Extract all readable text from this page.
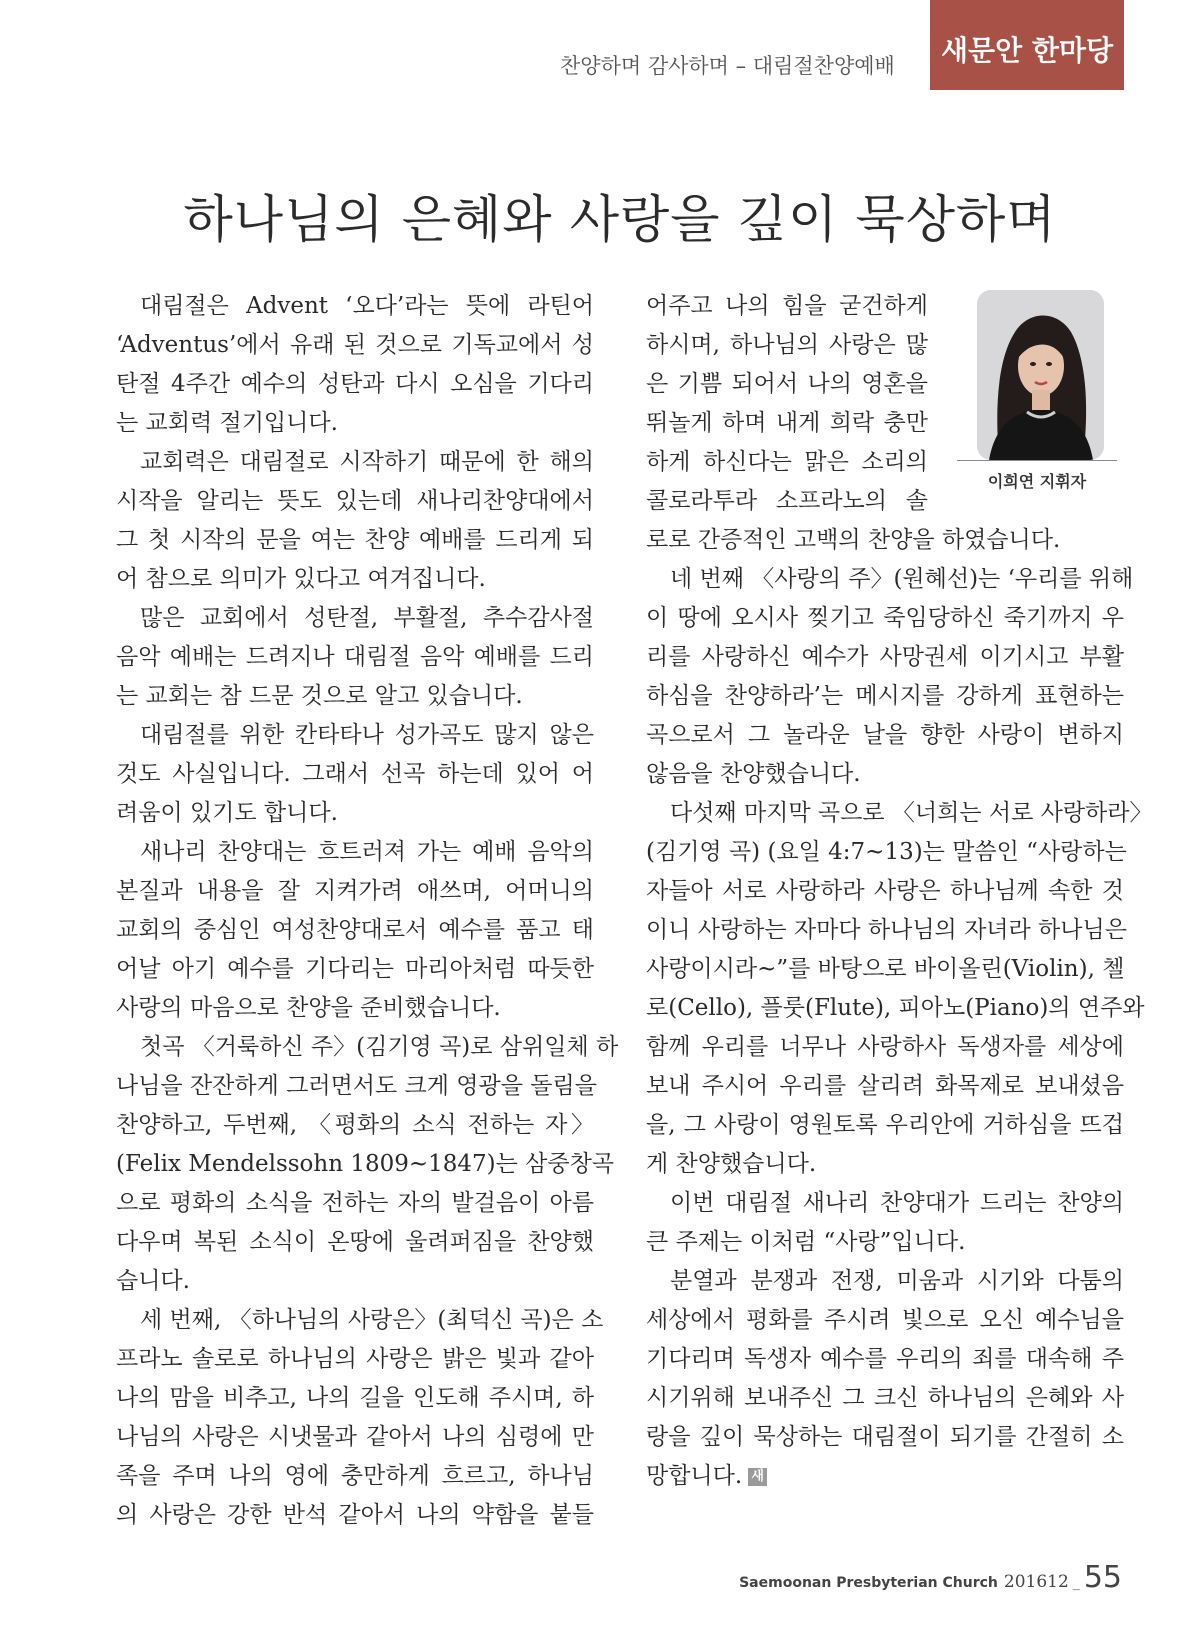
찬양하며 감사하며 – 대림절찬양예배	새문안 한마당
하나님의 은혜와 사랑을 깊이 묵상하며

대림절은 Advent ‘오다’라는 뜻에 라틴어
‘Adventus’에서 유래 된 것으로 기독교에서 성
탄절 4주간 예수의 성탄과 다시 오심을 기다리
는 교회력 절기입니다.

교회력은 대림절로 시작하기 때문에 한 해의
시작을 알리는 뜻도 있는데 새나리찬양대에서
그 첫 시작의 문을 여는 찬양 예배를 드리게 되
어 참으로 의미가 있다고 여겨집니다.

많은 교회에서 성탄절, 부활절, 추수감사절
음악 예배는 드려지나 대림절 음악 예배를 드리
는 교회는 참 드문 것으로 알고 있습니다.

대림절를 위한 칸타타나 성가곡도 많지 않은
것도 사실입니다. 그래서 선곡 하는데 있어 어
려움이 있기도 합니다.

새나리 찬양대는 흐트러져 가는 예배 음악의
본질과 내용을 잘 지켜가려 애쓰며, 어머니의
교회의 중심인 여성찬양대로서 예수를 품고 태
어날 아기 예수를 기다리는 마리아처럼 따듯한
사랑의 마음으로 찬양을 준비했습니다.

첫곡 〈거룩하신 주〉(김기영 곡)로 삼위일체 하
나님을 잔잔하게 그러면서도 크게 영광을 돌림을
찬양하고, 두번째, 〈평화의 소식 전하는 자〉
(Felix Mendelssohn 1809~1847)는 삼중창곡
으로 평화의 소식을 전하는 자의 발걸음이 아름
다우며 복된 소식이 온땅에 울려퍼짐을 찬양했
습니다.

세 번째, 〈하나님의 사랑은〉(최덕신 곡)은 소
프라노 솔로로 하나님의 사랑은 밝은 빛과 같아
나의 맘을 비추고, 나의 길을 인도해 주시며, 하
나님의 사랑은 시냇물과 같아서 나의 심령에 만
족을 주며 나의 영에 충만하게 흐르고, 하나님
의 사랑은 강한 반석 같아서 나의 약함을 붙들

이희연 지휘자

어주고 나의 힘을 굳건하게
하시며, 하나님의 사랑은 많
은 기쁨 되어서 나의 영혼을
뛰놀게 하며 내게 희락 충만
하게 하신다는 맑은 소리의
콜로라투라 소프라노의 솔
로로 간증적인 고백의 찬양을 하였습니다.

네 번째 〈사랑의 주〉(원혜선)는 ‘우리를 위해
이 땅에 오시사 찢기고 죽임당하신 죽기까지 우
리를 사랑하신 예수가 사망권세 이기시고 부활
하심을 찬양하라’는 메시지를 강하게 표현하는
곡으로서 그 놀라운 날을 향한 사랑이 변하지
않음을 찬양했습니다.

다섯째 마지막 곡으로 〈너희는 서로 사랑하라〉
(김기영 곡) (요일 4:7~13)는 말씀인 “사랑하는
자들아 서로 사랑하라 사랑은 하나님께 속한 것
이니 사랑하는 자마다 하나님의 자녀라 하나님은
사랑이시라~”를 바탕으로 바이올린(Violin), 첼
로(Cello), 플룻(Flute), 피아노(Piano)의 연주와
함께 우리를 너무나 사랑하사 독생자를 세상에
보내 주시어 우리를 살리려 화목제로 보내셨음
을, 그 사랑이 영원토록 우리안에 거하심을 뜨겁
게 찬양했습니다.

이번 대림절 새나리 찬양대가 드리는 찬양의
큰 주제는 이처럼 “사랑”입니다.

분열과 분쟁과 전쟁, 미움과 시기와 다툼의
세상에서 평화를 주시려 빛으로 오신 예수님을
기다리며 독생자 예수를 우리의 죄를 대속해 주
시기위해 보내주신 그 크신 하나님의 은혜와 사
랑을 깊이 묵상하는 대림절이 되기를 간절히 소
망합니다. 새

Saemoonan Presbyterian Church 201612 _ 55
